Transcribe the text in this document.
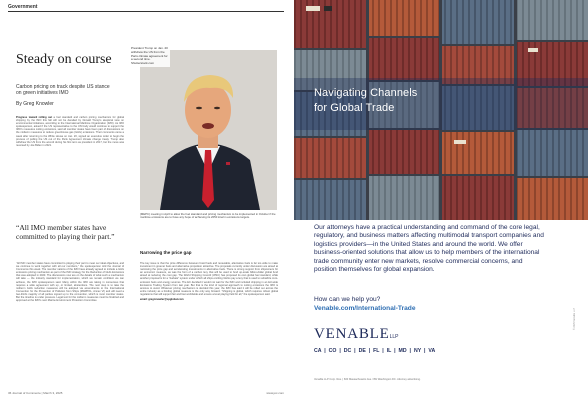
Government
Steady on course
Carbon pricing on track despite US stance on green initiatives IMO
By Greg Knowler
Progress toward rolling out a fuel standard and carbon pricing mechanism for global shipping by the IMO this fall will not be derailed by Donald Trump's skeptical view on environmental initiatives, according to the International Maritime Organization (IMO). As IMO spokesperson, asked if the US representative to the UN body would continue to support the IMO's measures cutting emissions, said all member states have been part of discussions on the midterm measures to reduce greenhouse gas (GHG) emissions. Their comments came a week after returning to the White House on Jan. 20, signed an executive order to begin the process of pulling the US out of the Paris Agreement climate change treaty. Trump also withdrew the US from the accord during his first term as president in 2017, but the move was reversed by Joe Biden in 2021.
“All IMO member states have committed to playing their part.”
“All IMO member states have committed to playing their part to meet our ideal objectives, and we continue to work together with all our members,” the spokesperson told the Journal of Commerce this week. The member nations of the IMO have already agreed to include a GHG emissions pricing mechanism as part of the IMO strategy for the Reduction of GHG Emissions that was adopted in 2023. The discussions now are on the details of what such a mechanism will take — the industry standard for implementation, which we remain confident we can achieve, the IMO spokesperson said. Many within the IMO are taking in consensus that requires a wide agreement with up, or limited, abstentions. The next step is to take the midterm GHG reduction measures will be adopted via amendments to the International Convention for the Prevention of Pollution from Ships (MARPOL, Annex VI) and will need a two-thirds majority of all parties signed up to the convention, which is most member states. But the timeline is under pressure. Legal text for the midterm measures must be finalized and approved at the IMO's next Marine Environment Protection Committee
President Trump on Jan. 20 withdrew the US from the Paris climate agreement for a second time. Shutterstock.com
(MEPC) meeting in April to allow the fuel standard and pricing mechanism to be implemented in October if the maritime emissions are to have any hope of achieving its 2050 interim emissions targets.
Narrowing the price gap
The key issue is that the price difference between fossil fuels and renewable, alternative fuels is far too wide to make investment in greener fuels and alternative propulsion attractive. The proposals currently under discussion are aimed at narrowing the price gap and accelerating investments in alternative fuels. There is strong support from shipowners for an economic measure, as was the form of a carbon levy that will be used to fund up-scale billion-dollar global fund aimed at reducing the cost gap. The World Shipping Council (WSC) has proposed its own global fuel standard, while another proposal is for a “feebate” system under which all ships emitting GHGs pay a levy that is used to subsidize zero-emission fuels and energy sources. The EC decided it would not wait for the IMO and included shipping in an EU-wide Emissions Trading System from last year. But that is the kind of regional approach to cutting emissions the IMO is anxious to avoid. Whatever pricing mechanism is decided this year, the IMO has said it will be rolled out across the entire industry as a binding global measure is the only way forward. “Shipping is global, which requires robust global regulations that will support fair and fast worldwide and ensure a level playing field for all,” the spokesperson said.
email: greg.knowler@spglobal.com
36 Journal of Commerce | March 3, 2025	www.joc.com
Navigating Channels
for Global Trade
Our attorneys have a practical understanding and command of the core legal, regulatory, and business matters affecting multimodal transport companies and logistics providers—in the United States and around the world. We offer business-oriented solutions that allow us to help members of the international trade community enter new markets, resolve commercial concerns, and position themselves for global expansion.
How can we help you?
Venable.com/International-Trade
VENABLELLP
CA | CO | DC | DE | FL | IL | MD | NY | VA
Venable LLP Corp. Res. | 600 Massachusetts Ave. NW Washington DC. Attorney advertising.
© 2025 Venable LLP
